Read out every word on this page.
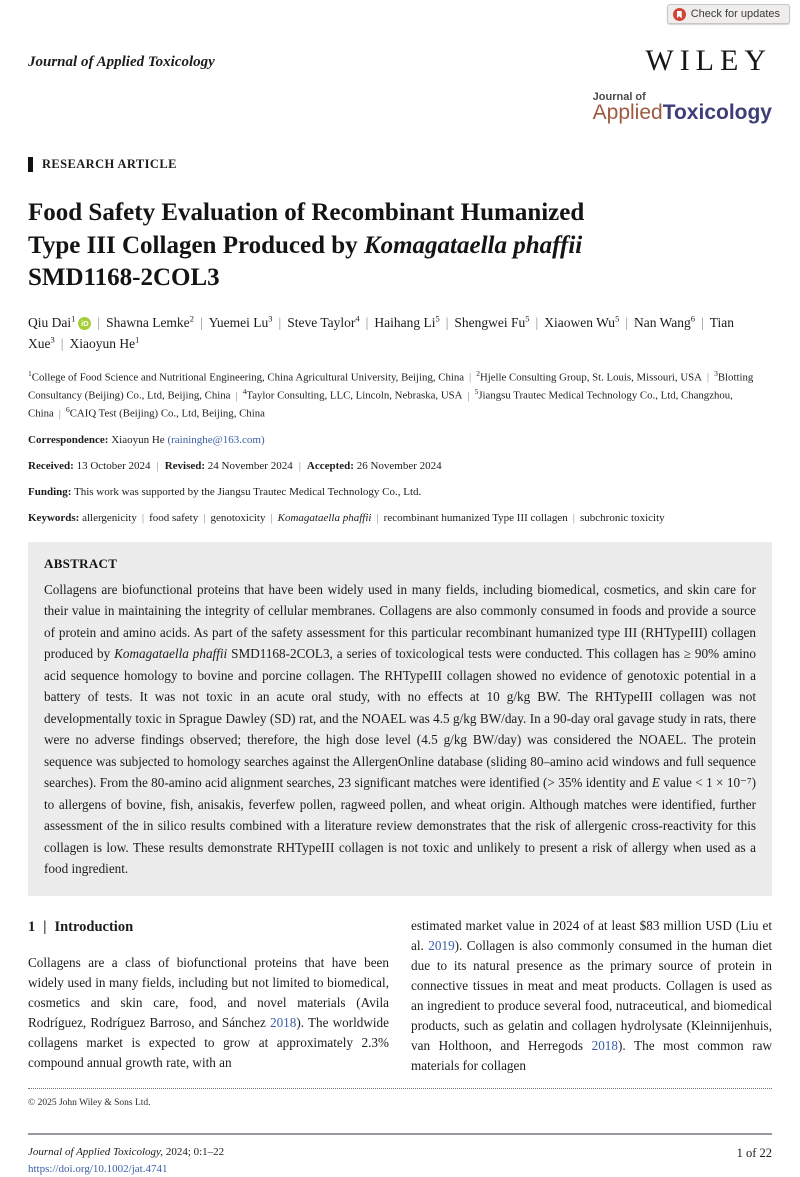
Check for updates
Journal of Applied Toxicology	WILEY
Journal of
AppliedToxicology
RESEARCH ARTICLE
Food Safety Evaluation of Recombinant Humanized
Type III Collagen Produced by Komagataella phaffii
SMD1168-2COL3
Qiu Dai$^1$ iD | Shawna Lemke$^2$ | Yuemei Lu$^3$ | Steve Taylor$^4$ | Haihang Li$^5$ | Shengwei Fu$^5$ | Xiaowen Wu$^5$ | Nan Wang$^6$ | Tian Xue$^3$ | Xiaoyun He$^1$
$^1$College of Food Science and Nutritional Engineering, China Agricultural University, Beijing, China | $^2$Hjelle Consulting Group, St. Louis, Missouri, USA | $^3$Blotting Consultancy (Beijing) Co., Ltd, Beijing, China | $^4$Taylor Consulting, LLC, Lincoln, Nebraska, USA | $^5$Jiangsu Trautec Medical Technology Co., Ltd, Changzhou, China | $^6$CAIQ Test (Beijing) Co., Ltd, Beijing, China
Correspondence: Xiaoyun He (raininghe@163.com)
Received: 13 October 2024 | Revised: 24 November 2024 | Accepted: 26 November 2024
Funding: This work was supported by the Jiangsu Trautec Medical Technology Co., Ltd.
Keywords: allergenicity | food safety | genotoxicity | Komagataella phaffii | recombinant humanized Type III collagen | subchronic toxicity
ABSTRACT

Collagens are biofunctional proteins that have been widely used in many fields, including biomedical, cosmetics, and skin care for their value in maintaining the integrity of cellular membranes. Collagens are also commonly consumed in foods and provide a source of protein and amino acids. As part of the safety assessment for this particular recombinant humanized type III (RHTypeIII) collagen produced by Komagataella phaffii SMD1168-2COL3, a series of toxicological tests were conducted. This collagen has ≥ 90% amino acid sequence homology to bovine and porcine collagen. The RHTypeIII collagen showed no evidence of genotoxic potential in a battery of tests. It was not toxic in an acute oral study, with no effects at 10 g/kg BW. The RHTypeIII collagen was not developmentally toxic in Sprague Dawley (SD) rat, and the NOAEL was 4.5 g/kg BW/day. In a 90-day oral gavage study in rats, there were no adverse findings observed; therefore, the high dose level (4.5 g/kg BW/day) was considered the NOAEL. The protein sequence was subjected to homology searches against the AllergenOnline database (sliding 80–amino acid windows and full sequence searches). From the 80-amino acid alignment searches, 23 significant matches were identified (> 35% identity and E value < 1 × 10⁻⁷) to allergens of bovine, fish, anisakis, feverfew pollen, ragweed pollen, and wheat origin. Although matches were identified, further assessment of the in silico results combined with a literature review demonstrates that the risk of allergenic cross-reactivity for this collagen is low. These results demonstrate RHTypeIII collagen is not toxic and unlikely to present a risk of allergy when used as a food ingredient.

1 | Introduction

Collagens are a class of biofunctional proteins that have been widely used in many fields, including but not limited to biomedical, cosmetics and skin care, food, and novel materials (Avila Rodríguez, Rodríguez Barroso, and Sánchez 2018). The worldwide collagens market is expected to grow at approximately 2.3% compound annual growth rate, with an

estimated market value in 2024 of at least $83 million USD (Liu et al. 2019). Collagen is also commonly consumed in the human diet due to its natural presence as the primary source of protein in connective tissues in meat and meat products. Collagen is used as an ingredient to produce several food, nutraceutical, and biomedical products, such as gelatin and collagen hydrolysate (Kleinnijenhuis, van Holthoon, and Herregods 2018). The most common raw materials for collagen

© 2025 John Wiley & Sons Ltd.
Journal of Applied Toxicology, 2024; 0:1–22
https://doi.org/10.1002/jat.4741
1 of 22
